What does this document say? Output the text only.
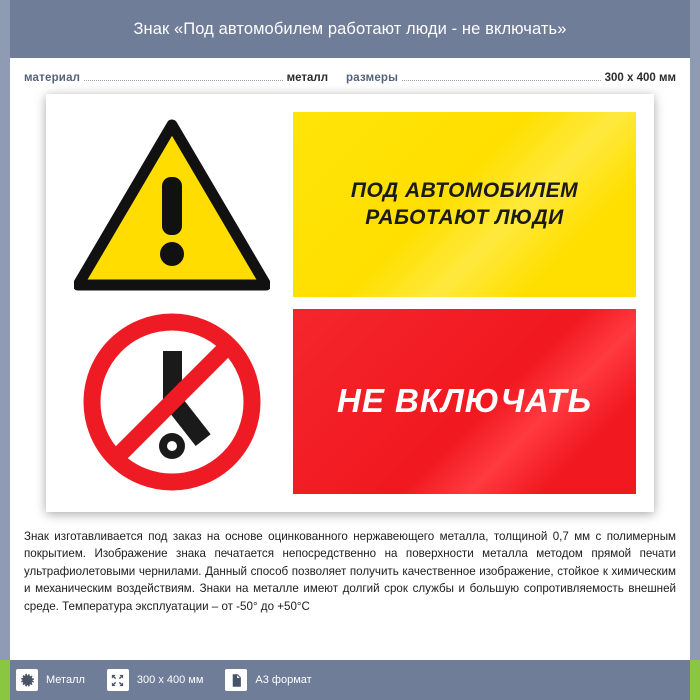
Знак «Под автомобилем работают люди - не включать»
материал	металл размеры	300 x 400 мм
ПОД АВТОМОБИЛЕМ РАБОТАЮТ ЛЮДИ
НЕ ВКЛЮЧАТЬ
Знак изготавливается под заказ на основе оцинкованного нержавеющего металла, толщиной 0,7 мм с полимерным покрытием. Изображение знака печатается непосредственно на поверхности металла методом прямой печати ультрафиолетовыми чернилами. Данный способ позволяет получить качественное изображение, стойкое к химическим и механическим воздействиям. Знаки на металле имеют долгий срок службы и большую сопротивляемость внешней среде. Температура эксплуатации – от -50° до +50°C
Металл	300 x 400 мм	A3 формат
